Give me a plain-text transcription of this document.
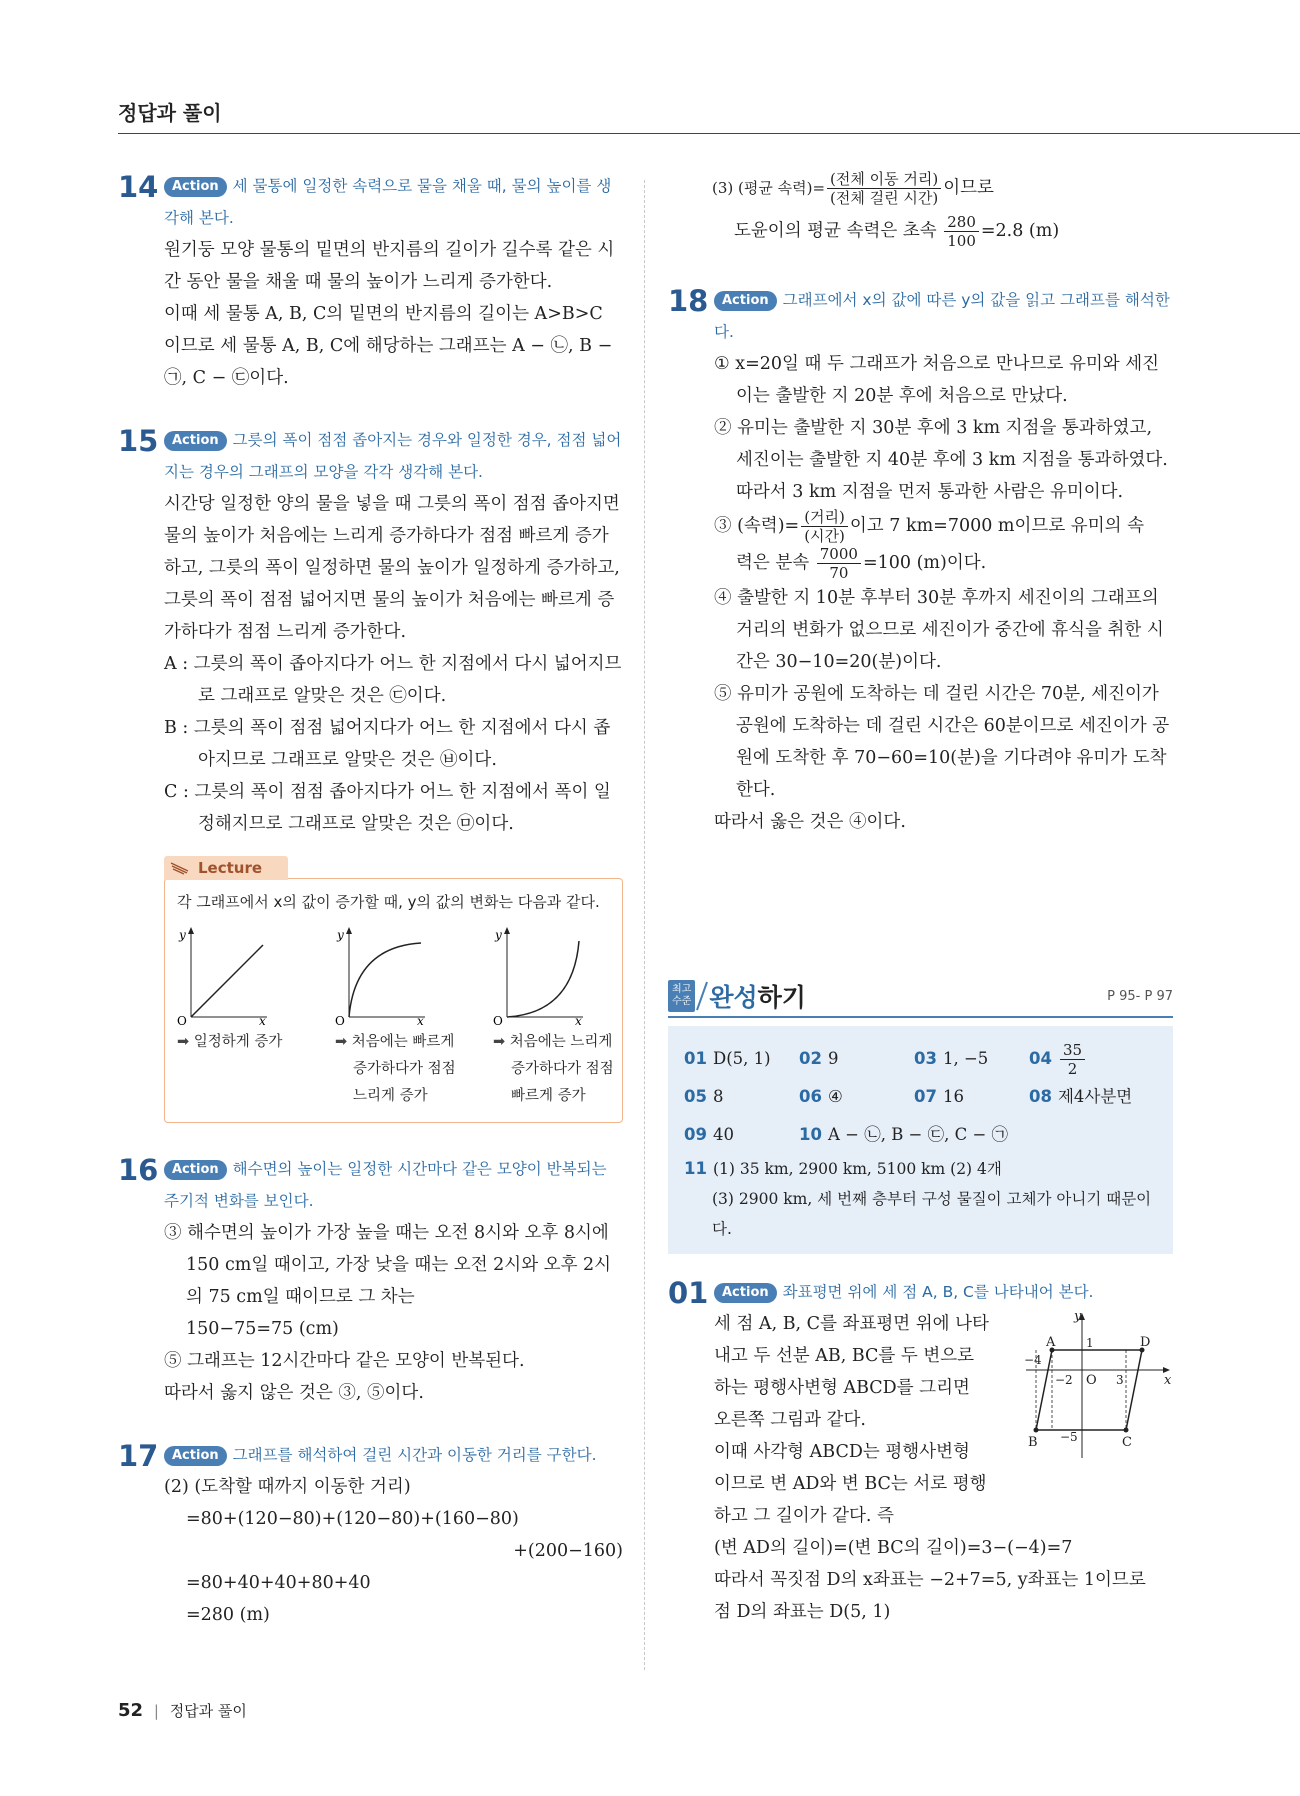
정답과 풀이
14	Action 세 물통에 일정한 속력으로 물을 채울 때, 물의 높이를 생각해 본다.
원기둥 모양 물통의 밑면의 반지름의 길이가 길수록 같은 시간 동안 물을 채울 때 물의 높이가 느리게 증가한다.
이때 세 물통 A, B, C의 밑면의 반지름의 길이는 A>B>C 이므로 세 물통 A, B, C에 해당하는 그래프는 A − ㉡, B − ㉠, C − ㉢이다.
15	Action 그릇의 폭이 점점 좁아지는 경우와 일정한 경우, 점점 넓어지는 경우의 그래프의 모양을 각각 생각해 본다.
시간당 일정한 양의 물을 넣을 때 그릇의 폭이 점점 좁아지면 물의 높이가 처음에는 느리게 증가하다가 점점 빠르게 증가하고, 그릇의 폭이 일정하면 물의 높이가 일정하게 증가하고, 그릇의 폭이 점점 넓어지면 물의 높이가 처음에는 빠르게 증가하다가 점점 느리게 증가한다.
A : 그릇의 폭이 좁아지다가 어느 한 지점에서 다시 넓어지므로 그래프로 알맞은 것은 ㉢이다.
B : 그릇의 폭이 점점 넓어지다가 어느 한 지점에서 다시 좁아지므로 그래프로 알맞은 것은 ㉥이다.
C : 그릇의 폭이 점점 좁아지다가 어느 한 지점에서 폭이 일정해지므로 그래프로 알맞은 것은 ㉤이다.
Lecture
각 그래프에서 x의 값이 증가할 때, y의 값의 변화는 다음과 같다.
y
O	x
➡ 일정하게 증가
y
O	x
➡ 처음에는 빠르게 증가하다가 점점 느리게 증가
y
O	x
➡ 처음에는 느리게 증가하다가 점점 빠르게 증가
16	Action 해수면의 높이는 일정한 시간마다 같은 모양이 반복되는 주기적 변화를 보인다.
③ 해수면의 높이가 가장 높을 때는 오전 8시와 오후 8시에 150 cm일 때이고, 가장 낮을 때는 오전 2시와 오후 2시의 75 cm일 때이므로 그 차는
150−75=75 (cm)
⑤ 그래프는 12시간마다 같은 모양이 반복된다.
따라서 옳지 않은 것은 ③, ⑤이다.
17	Action 그래프를 해석하여 걸린 시간과 이동한 거리를 구한다.
(2) (도착할 때까지 이동한 거리)
=80+(120−80)+(120−80)+(160−80)
+(200−160)
=80+40+40+80+40
=280 (m)
(3) (평균 속력)= $\frac{\text{(전체 이동 거리)}}{\text{(전체 걸린 시간)}}$ 이므로
도윤이의 평균 속력은 초속 $\frac{280}{100} =2.8$ (m)
18	Action 그래프에서 x의 값에 따른 y의 값을 읽고 그래프를 해석한다.
① x=20일 때 두 그래프가 처음으로 만나므로 유미와 세진이는 출발한 지 20분 후에 처음으로 만났다.
② 유미는 출발한 지 30분 후에 3 km 지점을 통과하였고, 세진이는 출발한 지 40분 후에 3 km 지점을 통과하였다. 따라서 3 km 지점을 먼저 통과한 사람은 유미이다.
③ (속력)= $\frac{\text{(거리)}}{\text{(시간)}}$ 이고 7 km=7000 m이므로 유미의 속
력은 분속 $\frac{7000}{70} =100$ (m)이다.
④ 출발한 지 10분 후부터 30분 후까지 세진이의 그래프의 거리의 변화가 없으므로 세진이가 중간에 휴식을 취한 시간은 30−10=20(분)이다.
⑤ 유미가 공원에 도착하는 데 걸린 시간은 70분, 세진이가 공원에 도착하는 데 걸린 시간은 60분이므로 세진이가 공원에 도착한 후 70−60=10(분)을 기다려야 유미가 도착한다.
따라서 옳은 것은 ④이다.
최고
수준 완성하기	P 95- P 97
01 D(5, 1)	02 9	03 1, −5	$04 \frac{35}{2}$
05 8	06 ④	07 16	08 제4사분면
09 40	10 A − ㉡, B − ㉢, C − ㉠
11 (1) 35 km, 2900 km, 5100 km (2) 4개
(3) 2900 km, 세 번째 층부터 구성 물질이 고체가 아니기 때문이다.
01	Action 좌표평면 위에 세 점 A, B, C를 나타내어 본다.
세 점 A, B, C를 좌표평면 위에 나타
내고 두 선분 AB, BC를 두 변으로
하는 평행사변형 ABCD를 그리면
오른쪽 그림과 같다.
이때 사각형 ABCD는 평행사변형
이므로 변 AD와 변 BC는 서로 평행
하고 그 길이가 같다. 즉
y
x
O
A	D
B	C
−4
−2	3
1
−5
(변 AD의 길이)=(변 BC의 길이)=3−(−4)=7
따라서 꼭짓점 D의 x좌표는 −2+7=5, y좌표는 1이므로
점 D의 좌표는 D(5, 1)
52 | 정답과 풀이
